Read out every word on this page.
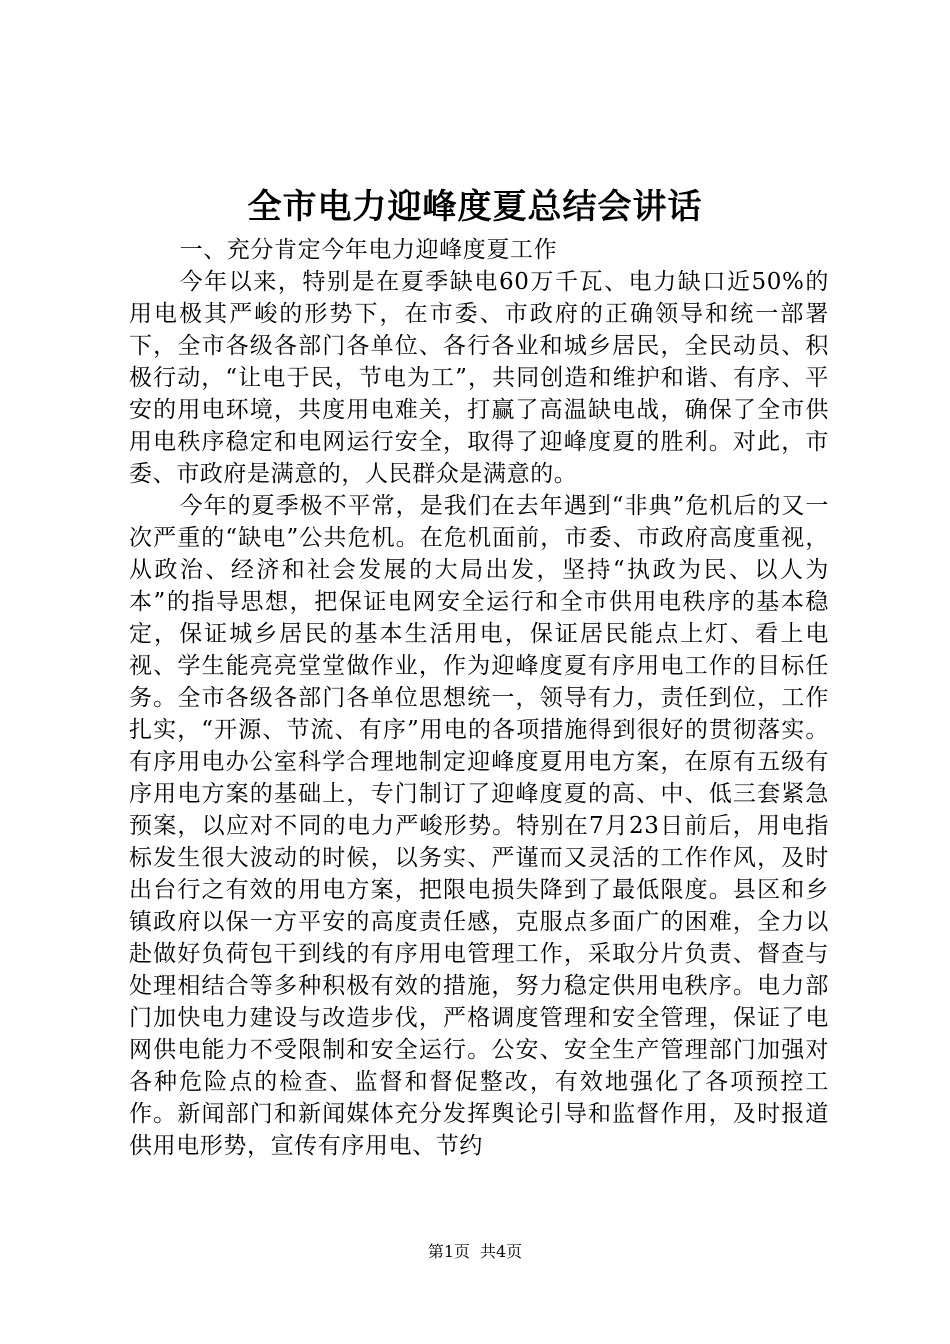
全市电力迎峰度夏总结会讲话

一、充分肯定今年电力迎峰度夏工作

今年以来，特别是在夏季缺电60万千瓦、电力缺口近50%的用电极其严峻的形势下，在市委、市政府的正确领导和统一部署下，全市各级各部门各单位、各行各业和城乡居民，全民动员、积极行动，“让电于民，节电为工”，共同创造和维护和谐、有序、平安的用电环境，共度用电难关，打赢了高温缺电战，确保了全市供用电秩序稳定和电网运行安全，取得了迎峰度夏的胜利。对此，市委、市政府是满意的，人民群众是满意的。

今年的夏季极不平常，是我们在去年遇到“非典”危机后的又一次严重的“缺电”公共危机。在危机面前，市委、市政府高度重视，从政治、经济和社会发展的大局出发，坚持“执政为民、以人为本”的指导思想，把保证电网安全运行和全市供用电秩序的基本稳定，保证城乡居民的基本生活用电，保证居民能点上灯、看上电视、学生能亮亮堂堂做作业，作为迎峰度夏有序用电工作的目标任务。全市各级各部门各单位思想统一，领导有力，责任到位，工作扎实，“开源、节流、有序”用电的各项措施得到很好的贯彻落实。有序用电办公室科学合理地制定迎峰度夏用电方案，在原有五级有序用电方案的基础上，专门制订了迎峰度夏的高、中、低三套紧急预案，以应对不同的电力严峻形势。特别在7月23日前后，用电指标发生很大波动的时候，以务实、严谨而又灵活的工作作风，及时出台行之有效的用电方案，把限电损失降到了最低限度。县区和乡镇政府以保一方平安的高度责任感，克服点多面广的困难，全力以赴做好负荷包干到线的有序用电管理工作，采取分片负责、督查与处理相结合等多种积极有效的措施，努力稳定供用电秩序。电力部门加快电力建设与改造步伐，严格调度管理和安全管理，保证了电网供电能力不受限制和安全运行。公安、安全生产管理部门加强对各种危险点的检查、监督和督促整改，有效地强化了各项预控工作。新闻部门和新闻媒体充分发挥舆论引导和监督作用，及时报道供用电形势，宣传有序用电、节约

第1页 共4页
